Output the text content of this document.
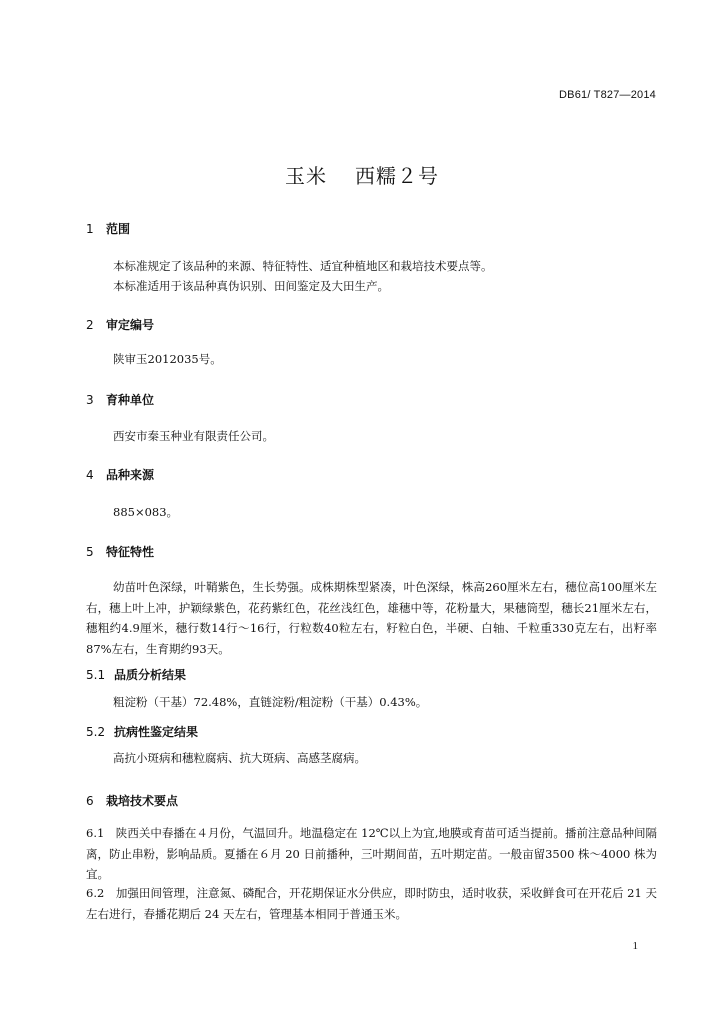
DB61/ T827—2014
玉米 西糯２号
1 范围
本标准规定了该品种的来源、特征特性、适宜种植地区和栽培技术要点等。
本标准适用于该品种真伪识别、田间鉴定及大田生产。
2 审定编号
陕审玉2012035号。
3 育种单位
西安市秦玉种业有限责任公司。
4 品种来源
885×083。
5 特征特性
幼苗叶色深绿，叶鞘紫色，生长势强。成株期株型紧凑，叶色深绿，株高260厘米左右，穗位高100厘米左右，穗上叶上冲，护颖绿紫色，花药紫红色，花丝浅红色，雄穗中等，花粉量大，果穗筒型，穗长21厘米左右，穗粗约4.9厘米，穗行数14行～16行，行粒数40粒左右，籽粒白色，半硬、白轴、千粒重330克左右，出籽率87%左右，生育期约93天。
5.1 品质分析结果
粗淀粉（干基）72.48%，直链淀粉/粗淀粉（干基）0.43%。
5.2 抗病性鉴定结果
高抗小斑病和穗粒腐病、抗大斑病、高感茎腐病。
6 栽培技术要点
6.1　陕西关中春播在４月份，气温回升。地温稳定在 12℃以上为宜,地膜或育苗可适当提前。播前注意品种间隔离，防止串粉，影响品质。夏播在６月 20 日前播种，三叶期间苗，五叶期定苗。一般亩留3500 株～4000 株为宜。
6.2　加强田间管理，注意氮、磷配合，开花期保证水分供应，即时防虫，适时收获，采收鲜食可在开花后 21 天左右进行，春播花期后 24 天左右，管理基本相同于普通玉米。
1
